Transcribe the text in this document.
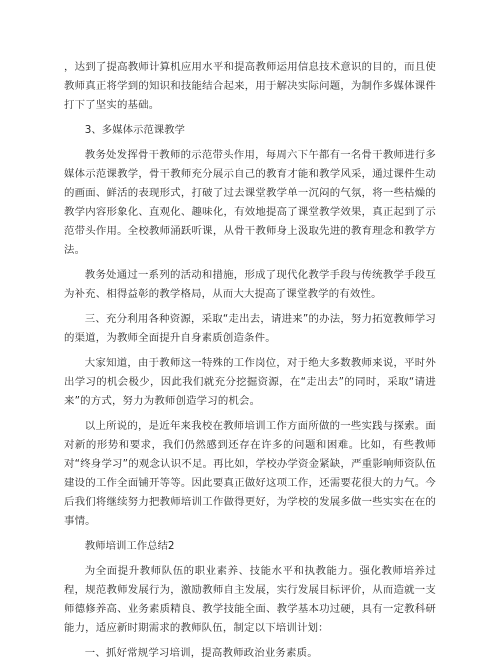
，达到了提高教师计算机应用水平和提高教师运用信息技术意识的目的，而且使教师真正将学到的知识和技能结合起来，用于解决实际问题，为制作多媒体课件打下了坚实的基础。

3、多媒体示范课教学

教务处发挥骨干教师的示范带头作用，每周六下午都有一名骨干教师进行多媒体示范课教学，骨干教师充分展示自己的教育才能和教学风采，通过课件生动的画面、鲜活的表现形式，打破了过去课堂教学单一沉闷的气氛，将一些枯燥的教学内容形象化、直观化、趣味化，有效地提高了课堂教学效果，真正起到了示范带头作用。全校教师涌跃听课，从骨干教师身上汲取先进的教育理念和教学方法。

教务处通过一系列的活动和措施，形成了现代化教学手段与传统教学手段互为补充、相得益彰的教学格局，从而大大提高了课堂教学的有效性。

三、充分利用各种资源，采取“走出去，请进来”的办法，努力拓宽教师学习的渠道，为教师全面提升自身素质创造条件。

大家知道，由于教师这一特殊的工作岗位，对于绝大多数教师来说，平时外出学习的机会极少，因此我们就充分挖掘资源，在“走出去”的同时，采取“请进来”的方式，努力为教师创造学习的机会。

以上所说的，是近年来我校在教师培训工作方面所做的一些实践与探索。面对新的形势和要求，我们仍然感到还存在许多的问题和困难。比如，有些教师对“终身学习”的观念认识不足。再比如，学校办学资金紧缺，严重影响师资队伍建设的工作全面铺开等等。因此要真正做好这项工作，还需要花很大的力气。今后我们将继续努力把教师培训工作做得更好，为学校的发展多做一些实实在在的事情。

教师培训工作总结2

为全面提升教师队伍的职业素养、技能水平和执教能力。强化教师培养过程，规范教师发展行为，激励教师自主发展，实行发展目标评价，从而造就一支师德修养高、业务素质精良、教学技能全面、教学基本功过硬，具有一定教科研能力，适应新时期需求的教师队伍，制定以下培训计划：

一、抓好常规学习培训，提高教师政治业务素质。
